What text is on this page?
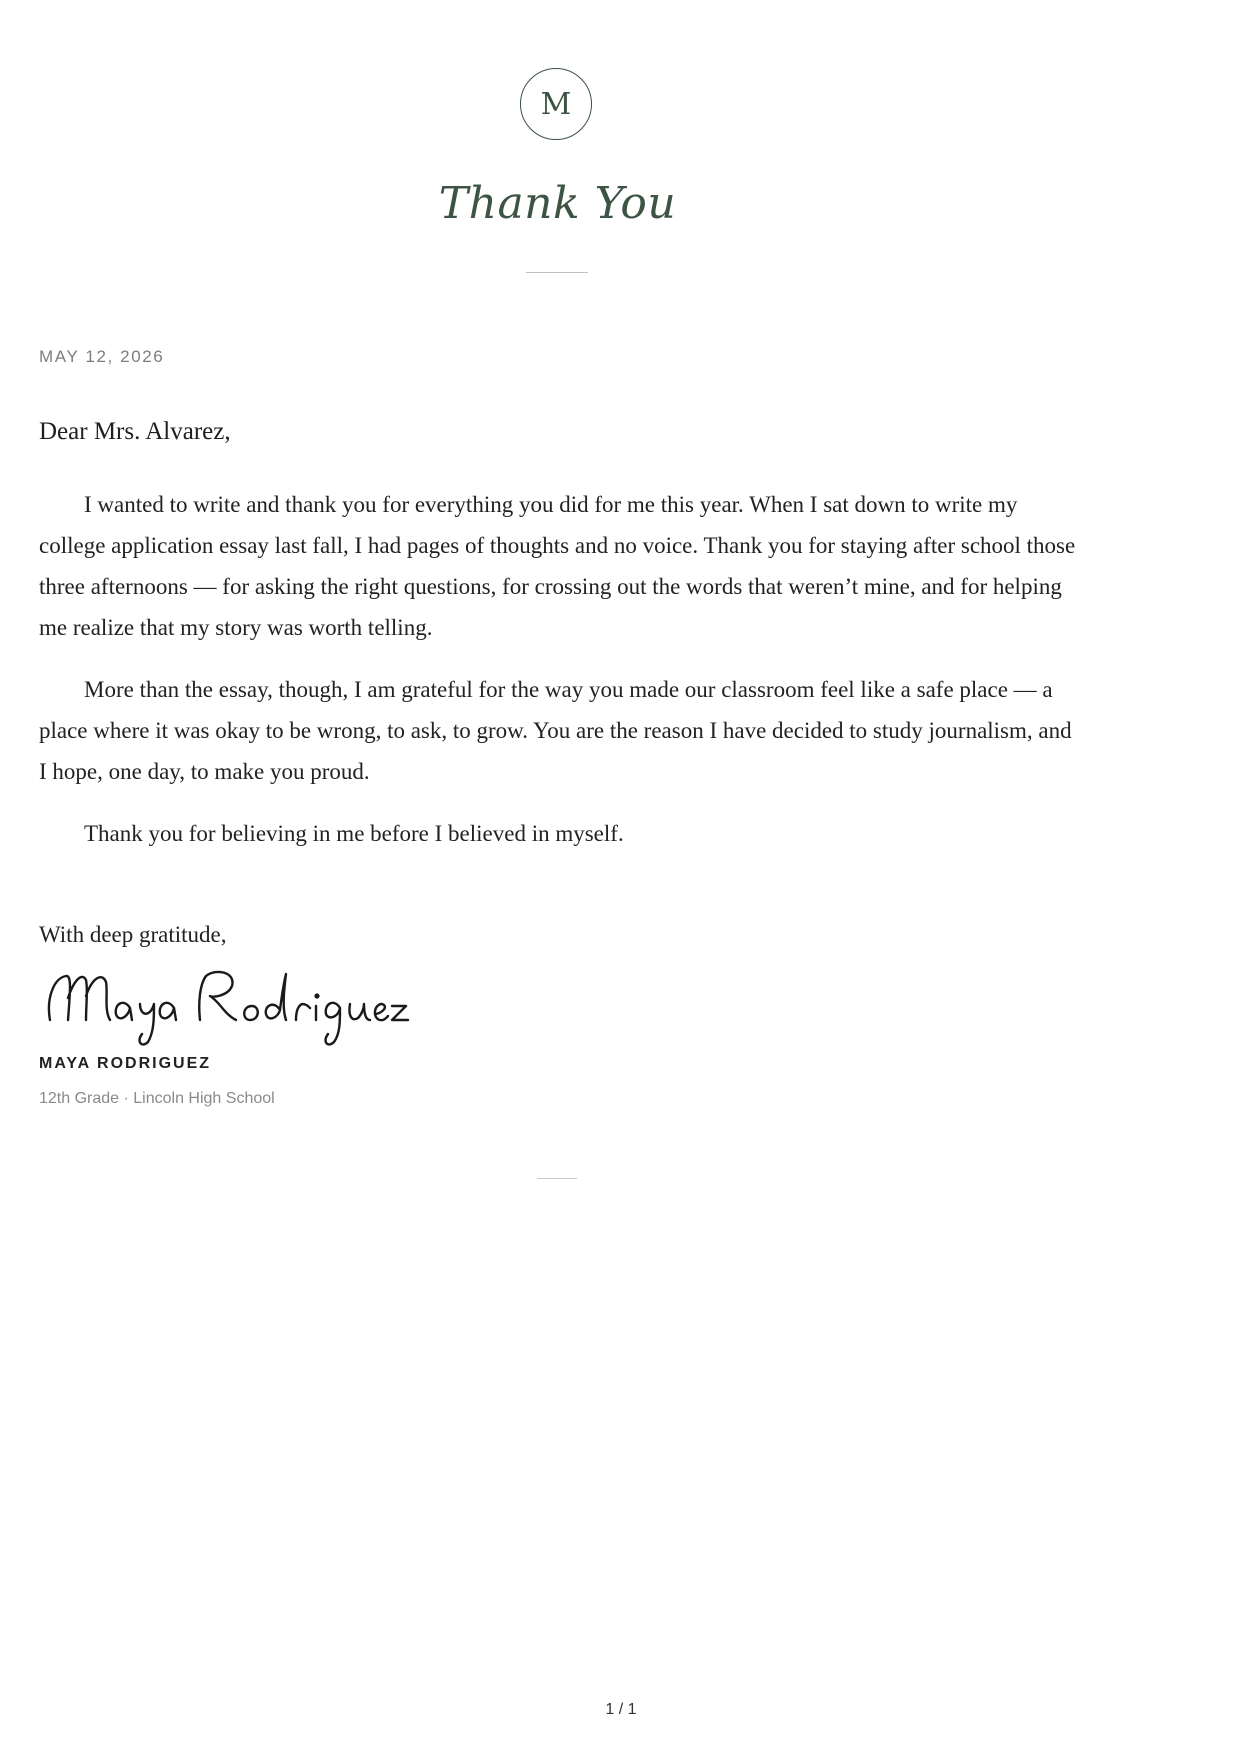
M
Thank You
MAY 12, 2026
Dear Mrs. Alvarez,

I wanted to write and thank you for everything you did for me this year. When I sat down to write my college application essay last fall, I had pages of thoughts and no voice. Thank you for staying after school those three afternoons — for asking the right questions, for crossing out the words that weren’t mine, and for helping me realize that my story was worth telling.

More than the essay, though, I am grateful for the way you made our classroom feel like a safe place — a place where it was okay to be wrong, to ask, to grow. You are the reason I have decided to study journalism, and I hope, one day, to make you proud.

Thank you for believing in me before I believed in myself.

With deep gratitude,
MAYA RODRIGUEZ
12th Grade · Lincoln High School
1 / 1
